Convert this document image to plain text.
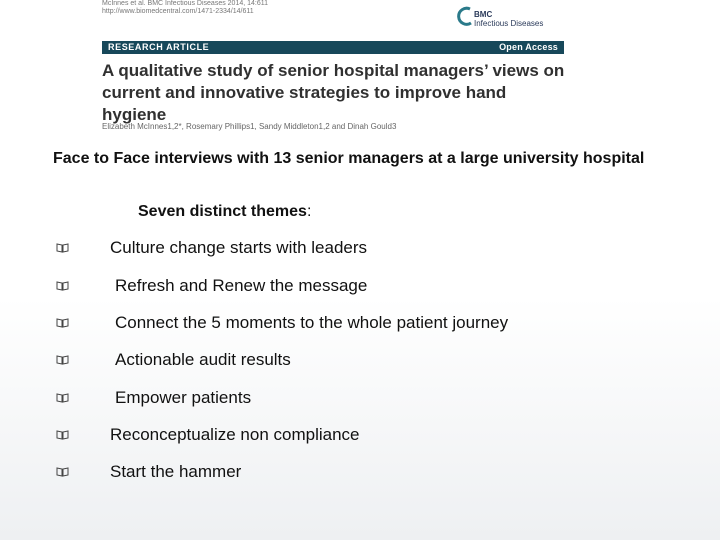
McInnes et al. BMC Infectious Diseases 2014, 14:611
http://www.biomedcentral.com/1471-2334/14/611	BMC
Infectious Diseases
RESEARCH ARTICLE	Open Access
A qualitative study of senior hospital managers’ views on current and innovative strategies to improve hand hygiene
Elizabeth McInnes1,2*, Rosemary Phillips1, Sandy Middleton1,2 and Dinah Gould3
Face to Face interviews with 13 senior managers at a large university hospital
Seven distinct themes:
Culture change starts with leaders
Refresh and Renew the message
Connect the 5 moments to the whole patient journey
Actionable audit results
Empower patients
Reconceptualize non compliance
Start the hammer
